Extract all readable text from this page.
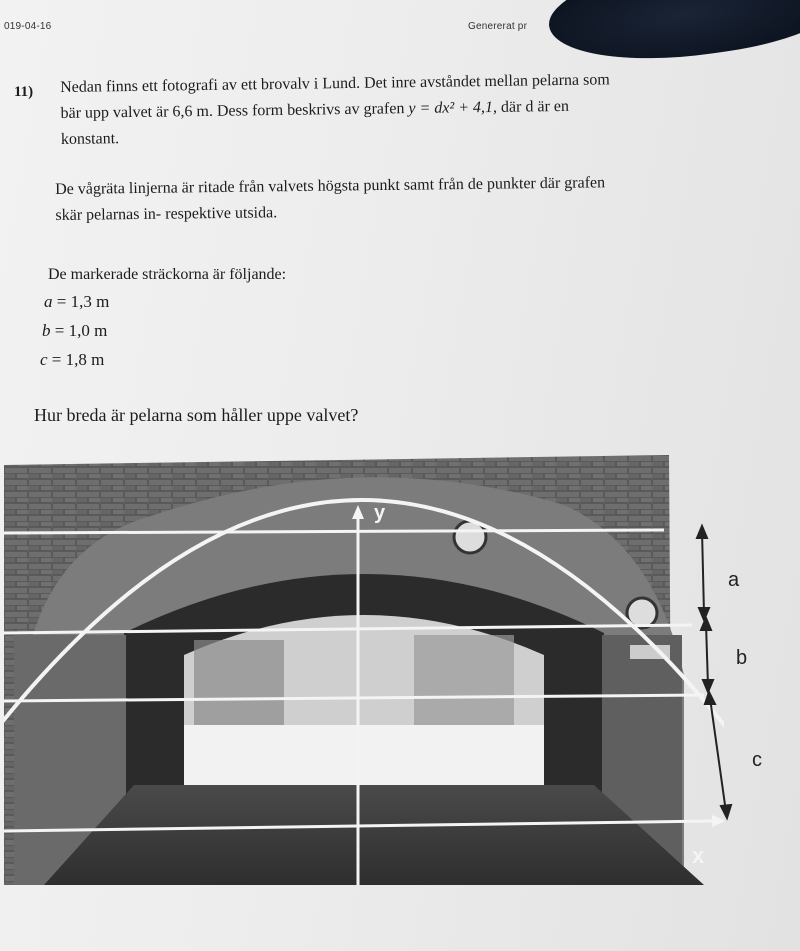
019-04-16	Genererat pr
11) Nedan finns ett fotografi av ett brovalv i Lund. Det inre avståndet mellan pelarna som
bär upp valvet är 6,6 m. Dess form beskrivs av grafen y = dx² + 4,1, där d är en
konstant.

De vågräta linjerna är ritade från valvets högsta punkt samt från de punkter där grafen
skär pelarnas in- respektive utsida.

De markerade sträckorna är följande:

a = 1,3 m
b = 1,0 m
c = 1,8 m

Hur breda är pelarna som håller uppe valvet?

y
x
a
b
c
